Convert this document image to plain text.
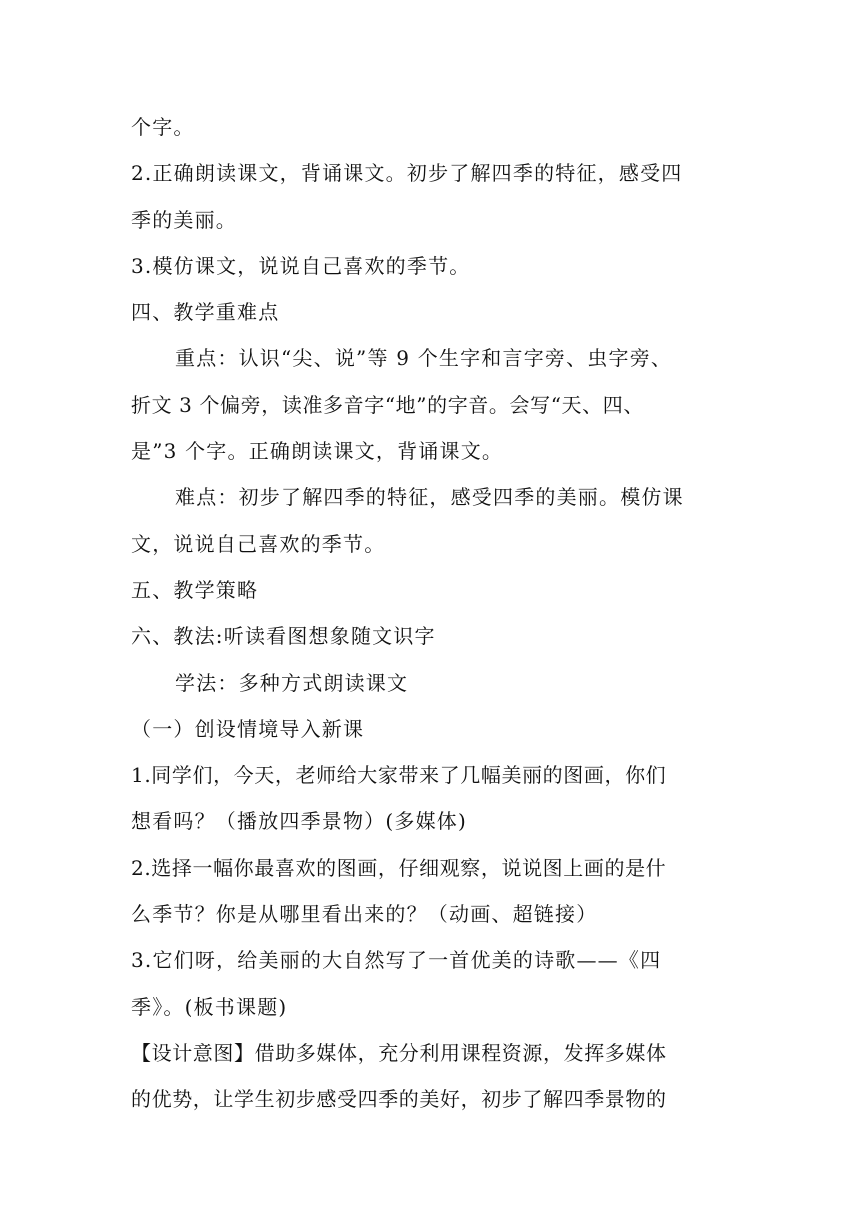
个字。
2.正确朗读课文，背诵课文。初步了解四季的特征，感受四
季的美丽。
3.模仿课文，说说自己喜欢的季节。
四、教学重难点
重点：认识“尖、说”等 9 个生字和言字旁、虫字旁、
折文 3 个偏旁，读准多音字“地”的字音。会写“天、四、
是”3 个字。正确朗读课文，背诵课文。
难点：初步了解四季的特征，感受四季的美丽。模仿课
文，说说自己喜欢的季节。
五、教学策略
六、教法:听读看图想象随文识字
学法：多种方式朗读课文
（一）创设情境导入新课
1.同学们，今天，老师给大家带来了几幅美丽的图画，你们
想看吗？（播放四季景物）(多媒体)
2.选择一幅你最喜欢的图画，仔细观察，说说图上画的是什
么季节？你是从哪里看出来的？（动画、超链接）
3.它们呀，给美丽的大自然写了一首优美的诗歌——《四
季》。(板书课题)
【设计意图】借助多媒体，充分利用课程资源，发挥多媒体
的优势，让学生初步感受四季的美好，初步了解四季景物的
